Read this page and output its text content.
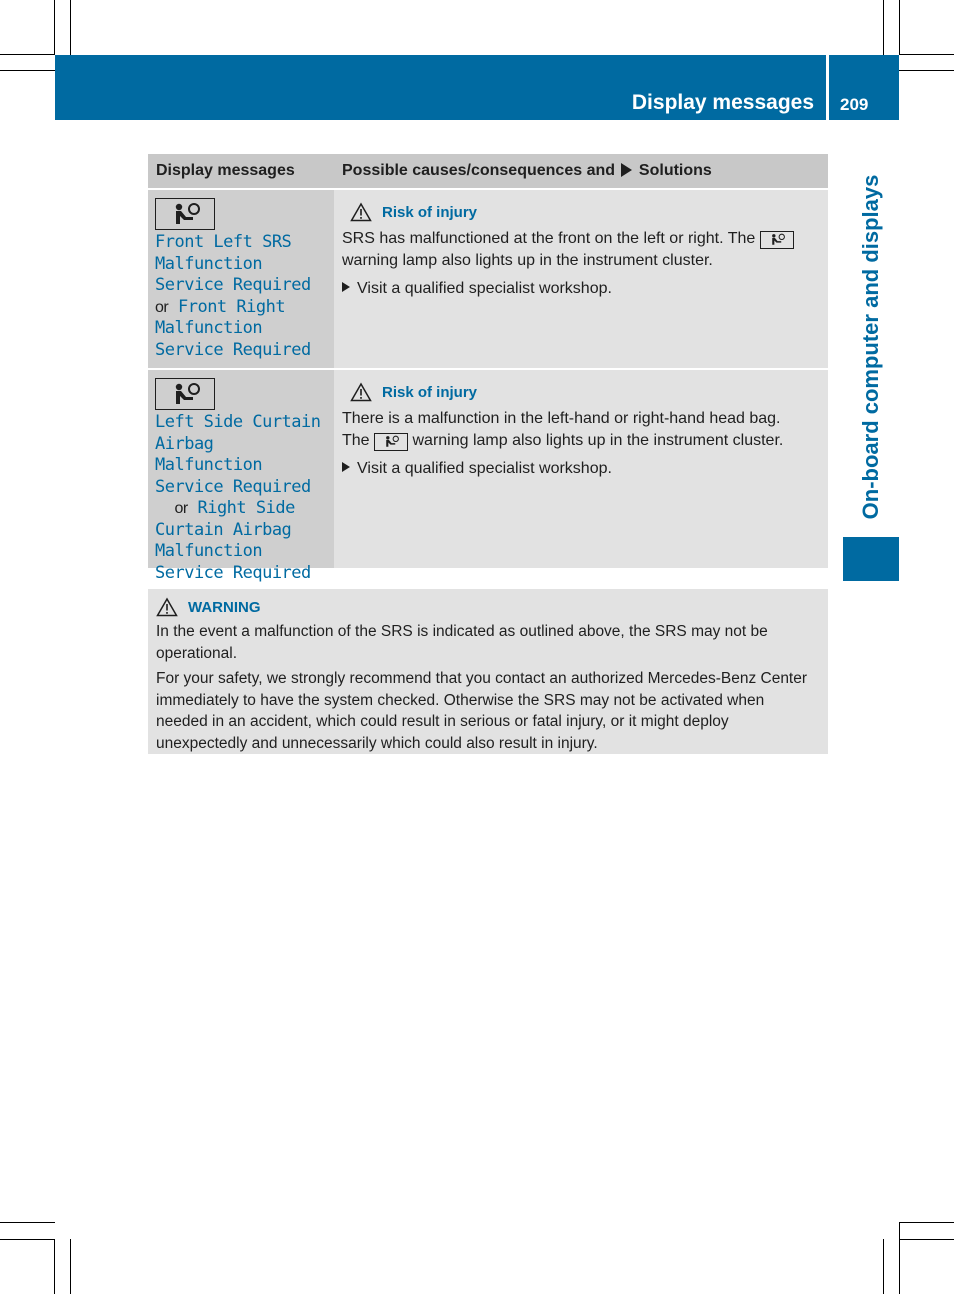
Display messages 209
On-board computer and displays
Display messages	Possible causes/consequences and Solutions
Front Left SRS
Malfunction
Service Required
or Front Right
Malfunction
Service Required
Risk of injury
SRS has malfunctioned at the front on the left or right. The
warning lamp also lights up in the instrument cluster.
Visit a qualified specialist workshop.
Left Side Curtain
Airbag Malfunction
Service Required
or Right Side
Curtain Airbag
Malfunction
Service Required
Risk of injury
There is a malfunction in the left-hand or right-hand head bag.
The	warning lamp also lights up in the instrument cluster.
Visit a qualified specialist workshop.
WARNING

In the event a malfunction of the SRS is indicated as outlined above, the SRS may not be operational.

For your safety, we strongly recommend that you contact an authorized Mercedes-Benz Center immediately to have the system checked. Otherwise the SRS may not be activated when needed in an accident, which could result in serious or fatal injury, or it might deploy unexpectedly and unnecessarily which could also result in injury.
